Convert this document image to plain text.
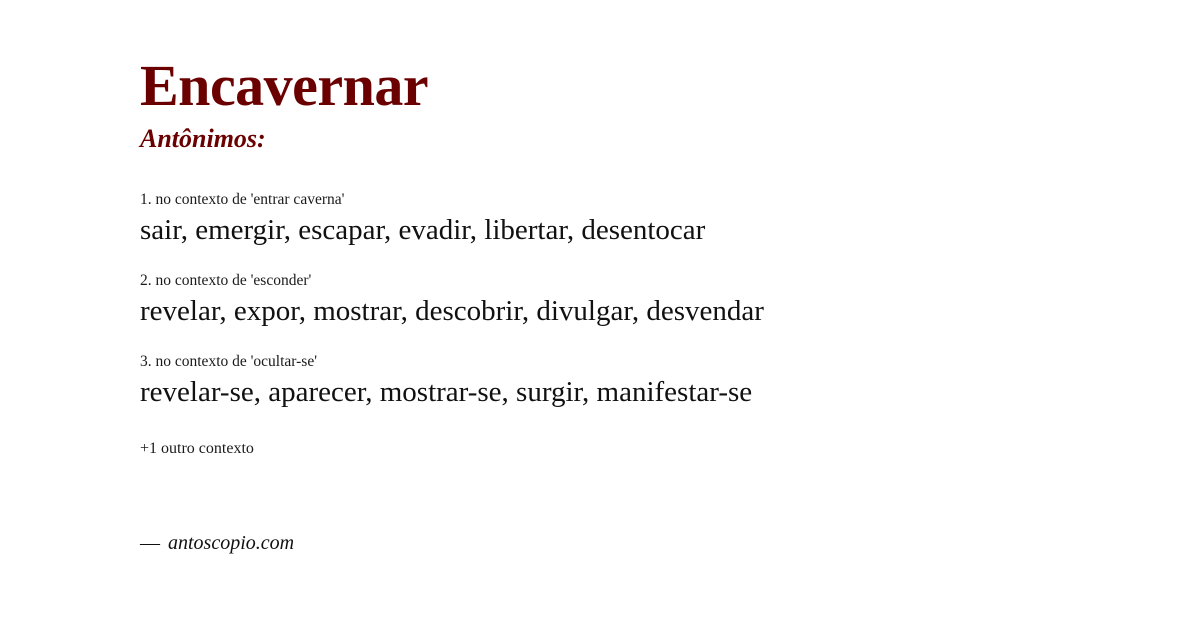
Encavernar
Antônimos:

1. no contexto de 'entrar caverna'

sair, emergir, escapar, evadir, libertar, desentocar

2. no contexto de 'esconder'

revelar, expor, mostrar, descobrir, divulgar, desvendar

3. no contexto de 'ocultar-se'

revelar-se, aparecer, mostrar-se, surgir, manifestar-se

+1 outro contexto

— antoscopio.com
